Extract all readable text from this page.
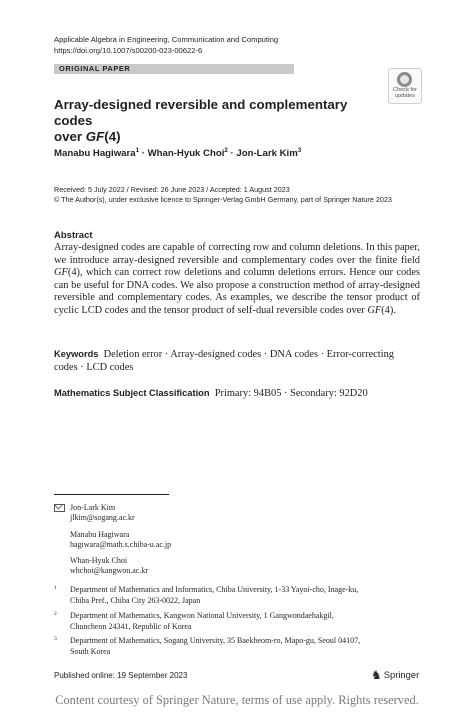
Applicable Algebra in Engineering, Communication and Computing
https://doi.org/10.1007/s00200-023-00622-6
ORIGINAL PAPER
Check for
updates
Array-designed reversible and complementary codes
over GF(4)
Manabu Hagiwara$^1$ · Whan-Hyuk Choi$^2$ · Jon-Lark Kim$^3$
Received: 5 July 2022 / Revised: 26 June 2023 / Accepted: 1 August 2023
© The Author(s), under exclusive licence to Springer-Verlag GmbH Germany, part of Springer Nature 2023
Abstract
Array-designed codes are capable of correcting row and column deletions. In this paper, we introduce array-designed reversible and complementary codes over the finite field GF(4), which can correct row deletions and column deletions errors. Hence our codes can be useful for DNA codes. We also propose a construction method of array-designed reversible and complementary codes. As examples, we describe the tensor product of cyclic LCD codes and the tensor product of self-dual reversible codes over GF(4).
Keywords Deletion error · Array-designed codes · DNA codes · Error-correcting codes · LCD codes
Mathematics Subject Classification Primary: 94B05 · Secondary: 92D20
Jon-Lark Kim
jlkim@sogang.ac.kr
Manabu Hagiwara
hagiwara@math.s.chiba-u.ac.jp
Whan-Hyuk Choi
whchoi@kangwon.ac.kr
1 Department of Mathematics and Informatics, Chiba University, 1-33 Yayoi-cho, Inage-ku,
Chiba Pref., Chiba City 263-0022, Japan
2 Department of Mathematics, Kangwon National University, 1 Gangwondaehakgil,
Chuncheon 24341, Republic of Korea
3 Department of Mathematics, Sogang University, 35 Baekbeom-ro, Mapo-gu, Seoul 04107,
South Korea
Published online: 19 September 2023	♞ Springer
Content courtesy of Springer Nature, terms of use apply. Rights reserved.
